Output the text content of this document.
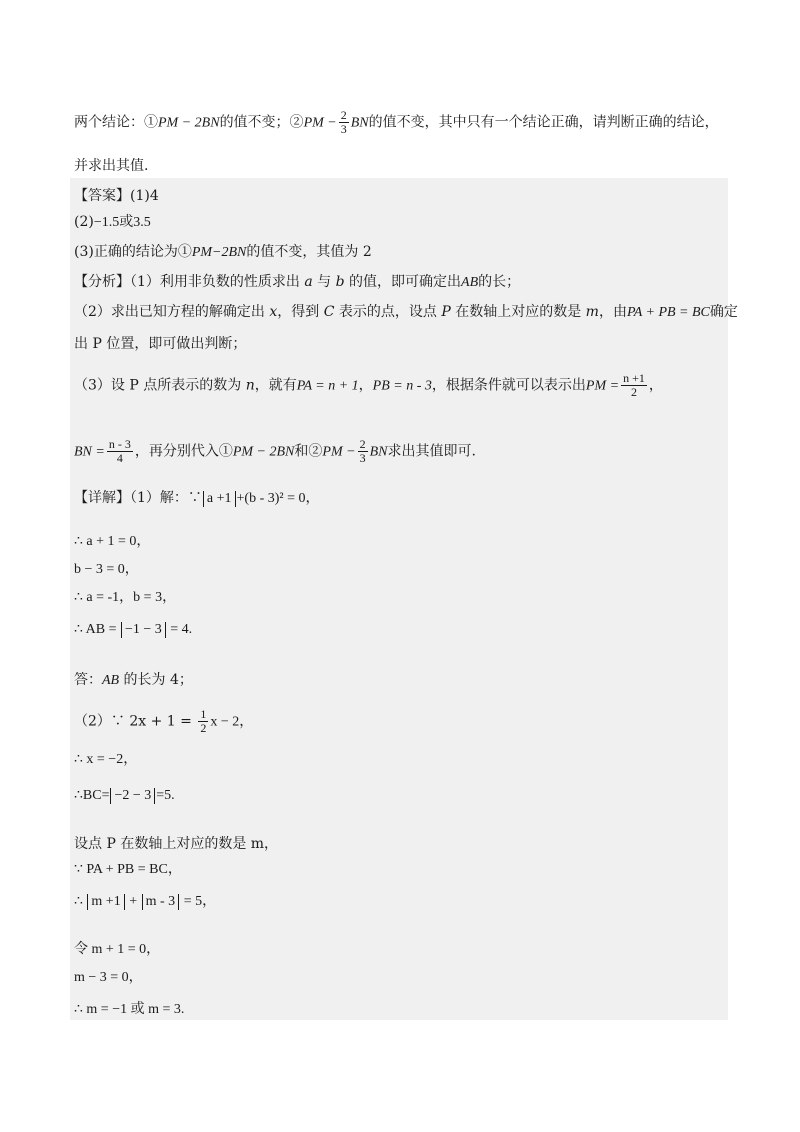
两个结论：①PM − 2BN的值不变；②PM − $\frac{2}{3}$ BN的值不变，其中只有一个结论正确，请判断正确的结论，
并求出其值.
【答案】(1)4
(2)−1.5或3.5
(3)正确的结论为①PM−2BN的值不变，其值为 2
【分析】（1）利用非负数的性质求出 a 与 b 的值，即可确定出AB的长；
（2）求出已知方程的解确定出 x，得到 C 表示的点，设点 P 在数轴上对应的数是 m，由PA + PB = BC确定
出 P 位置，即可做出判断；
（3）设 P 点所表示的数为 n，就有PA = n + 1，PB = n - 3，根据条件就可以表示出PM = $\frac{n +1}{2}$ ，
BN = $\frac{n - 3}{4}$ ，再分别代入①PM − 2BN和②PM − $\frac{2}{3}$ BN求出其值即可.
【详解】（1）解：∵ a +1 +(b - 3)² = 0，
∴ a + 1 = 0，
b − 3 = 0，
∴ a = -1，b = 3，
∴ AB = −1 − 3 = 4.
答：AB 的长为 4；
（2）∵ $2x + 1 = \frac{1}{2}$ x − 2，
∴ x = −2，
∴BC= −2 − 3 =5.
设点 P 在数轴上对应的数是 m，
∵ PA + PB = BC，
∴ m +1 + m - 3 = 5，
令 m + 1 = 0，
m − 3 = 0，
∴ m = −1 或 m = 3.
